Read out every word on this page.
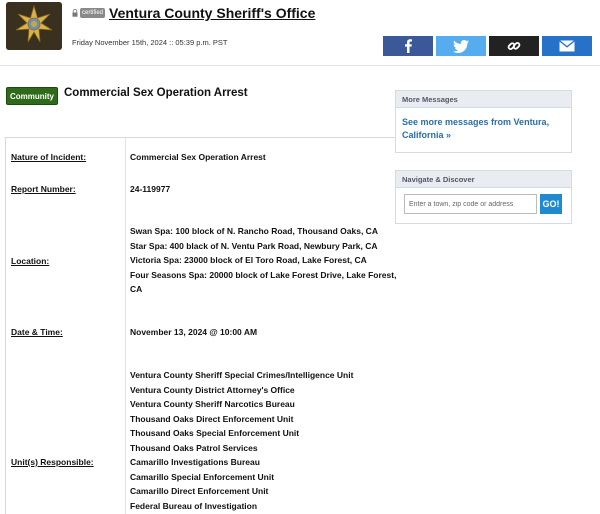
certified Ventura County Sheriff's Office
Friday November 15th, 2024 :: 05:39 p.m. PST
Community Commercial Sex Operation Arrest
Nature of Incident:	Commercial Sex Operation Arrest
Report Number:	24-119977
Location:
Swan Spa: 100 block of N. Rancho Road, Thousand Oaks, CA
Star Spa: 400 black of N. Ventu Park Road, Newbury Park, CA
Victoria Spa: 23000 block of El Toro Road, Lake Forest, CA
Four Seasons Spa: 20000 block of Lake Forest Drive, Lake Forest,
CA
Date & Time:	November 13, 2024 @ 10:00 AM
Unit(s) Responsible:
Ventura County Sheriff Special Crimes/Intelligence Unit
Ventura County District Attorney's Office
Ventura County Sheriff Narcotics Bureau
Thousand Oaks Direct Enforcement Unit
Thousand Oaks Special Enforcement Unit
Thousand Oaks Patrol Services
Camarillo Investigations Bureau
Camarillo Special Enforcement Unit
Camarillo Direct Enforcement Unit
Federal Bureau of Investigation
More Messages
See more messages from Ventura, California »
Navigate & Discover
Enter a town, zip code or address
GO!
